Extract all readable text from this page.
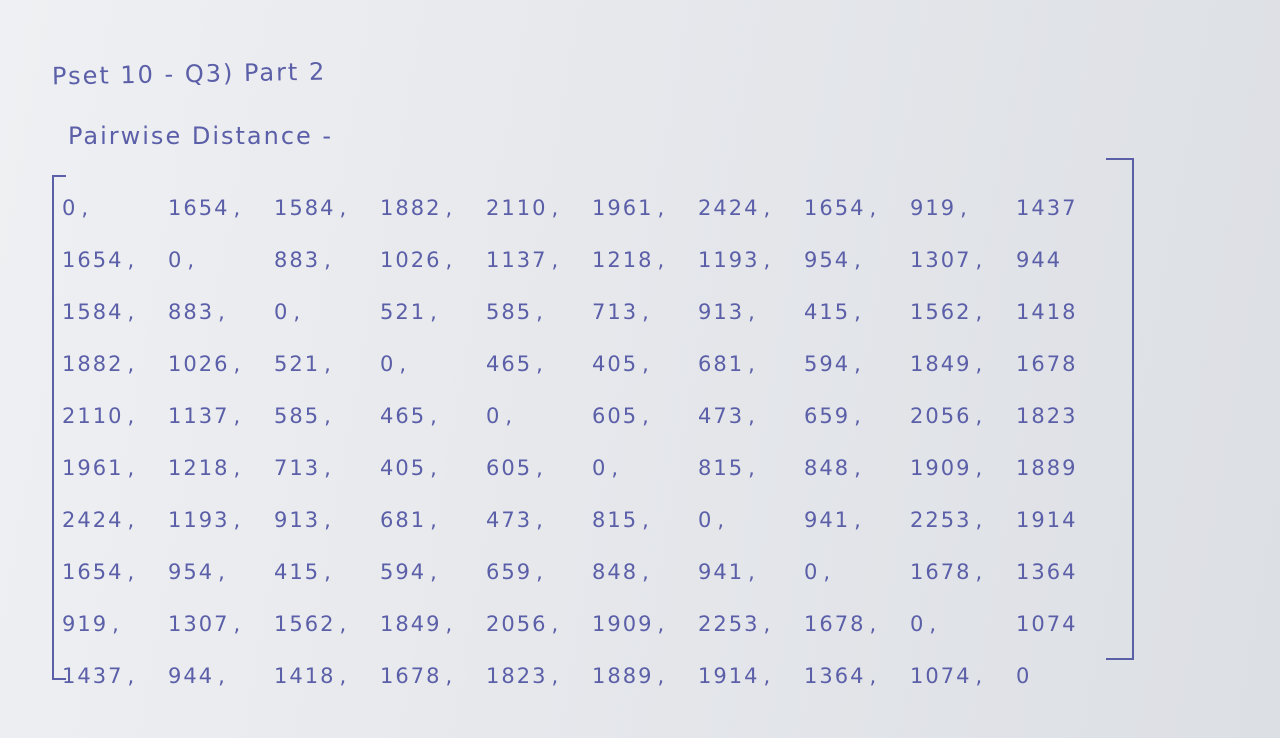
Pset 10 - Q3) Part 2
Pairwise Distance -
0 ,	1654 ,	1584 ,	1882 ,	2110 ,	1961 ,	2424 ,	1654 ,	919 ,	1437
1654 ,	0 ,	883 ,	1026 ,	1137 ,	1218 ,	1193 ,	954 ,	1307 ,	944
1584 ,	883 ,	0 ,	521 ,	585 ,	713 ,	913 ,	415 ,	1562 ,	1418
1882 ,	1026 ,	521 ,	0 ,	465 ,	405 ,	681 ,	594 ,	1849 ,	1678
2110 ,	1137 ,	585 ,	465 ,	0 ,	605 ,	473 ,	659 ,	2056 ,	1823
1961 ,	1218 ,	713 ,	405 ,	605 ,	0 ,	815 ,	848 ,	1909 ,	1889
2424 ,	1193 ,	913 ,	681 ,	473 ,	815 ,	0 ,	941 ,	2253 ,	1914
1654 ,	954 ,	415 ,	594 ,	659 ,	848 ,	941 ,	0 ,	1678 ,	1364
919 ,	1307 ,	1562 ,	1849 ,	2056 ,	1909 ,	2253 ,	1678 ,	0 ,	1074
1437 ,	944 ,	1418 ,	1678 ,	1823 ,	1889 ,	1914 ,	1364 ,	1074 ,	0
